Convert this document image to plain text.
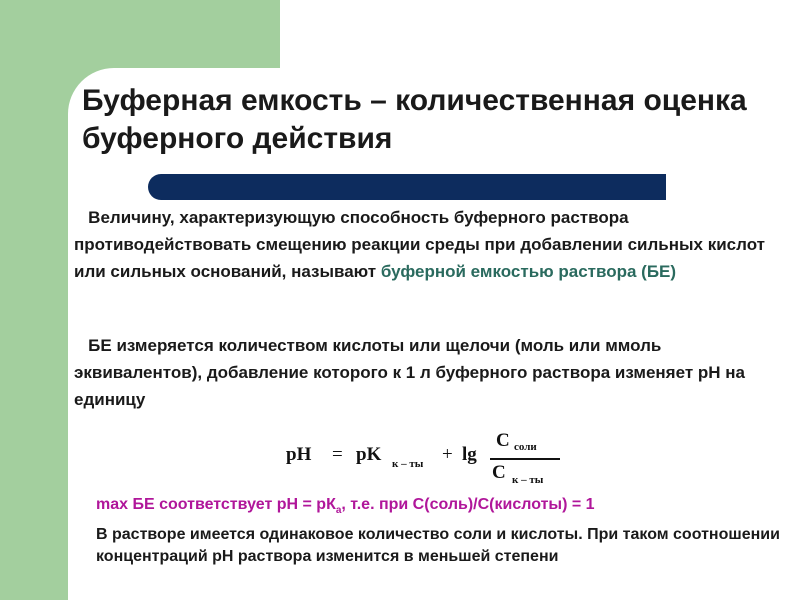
Буферная емкость – количественная оценка буферного действия
Величину, характеризующую способность буферного раствора противодействовать смещению реакции среды при добавлении сильных кислот или сильных оснований, называют буферной емкостью раствора (БЕ)
БЕ измеряется количеством кислоты или щелочи (моль или ммоль эквивалентов), добавление которого к 1 л буферного раствора изменяет рН на единицу
pH = pK к – ты + lg
C соли
C к – ты
max БЕ соответствует рН = $рК_а$, т.е. при С(соль)/С(кислоты) = 1
В растворе имеется одинаковое количество соли и кислоты. При таком соотношении концентраций рН раствора изменится в меньшей степени
